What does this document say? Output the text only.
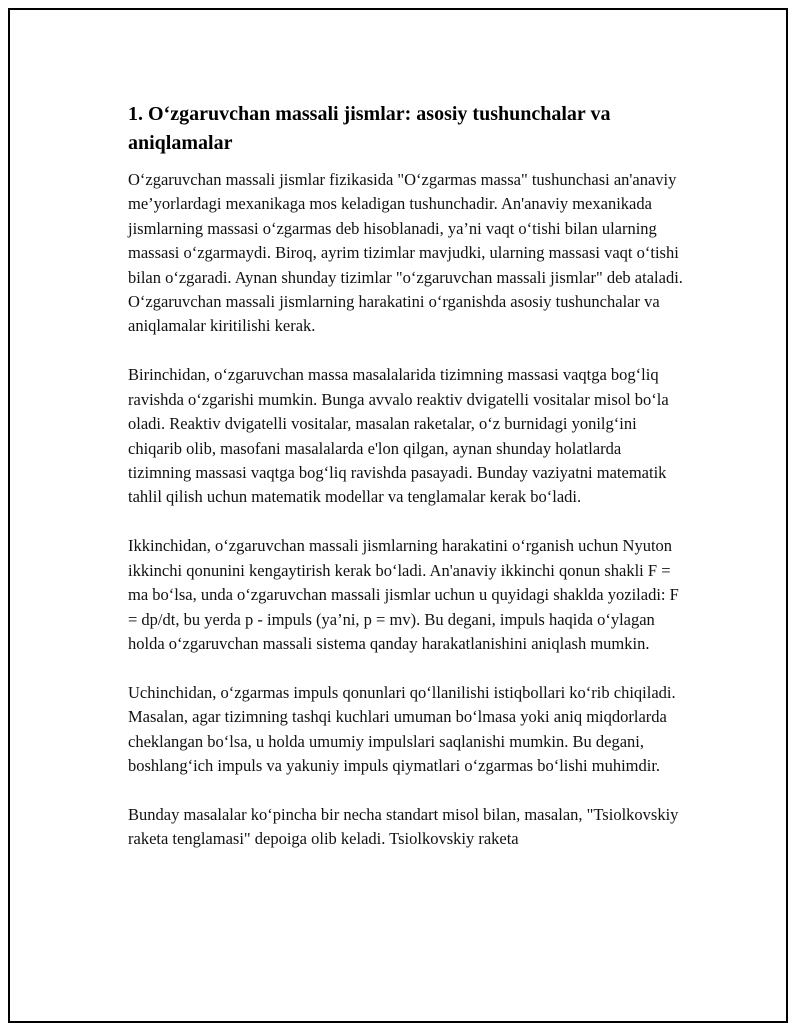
1. O‘zgaruvchan massali jismlar: asosiy tushunchalar va aniqlamalar

O‘zgaruvchan massali jismlar fizikasida "O‘zgarmas massa" tushunchasi an'anaviy me’yorlardagi mexanikaga mos keladigan tushunchadir. An'anaviy mexanikada jismlarning massasi o‘zgarmas deb hisoblanadi, ya’ni vaqt o‘tishi bilan ularning massasi o‘zgarmaydi. Biroq, ayrim tizimlar mavjudki, ularning massasi vaqt o‘tishi bilan o‘zgaradi. Aynan shunday tizimlar "o‘zgaruvchan massali jismlar" deb ataladi. O‘zgaruvchan massali jismlarning harakatini o‘rganishda asosiy tushunchalar va aniqlamalar kiritilishi kerak.

Birinchidan, o‘zgaruvchan massa masalalarida tizimning massasi vaqtga bog‘liq ravishda o‘zgarishi mumkin. Bunga avvalo reaktiv dvigatelli vositalar misol bo‘la oladi. Reaktiv dvigatelli vositalar, masalan raketalar, o‘z burnidagi yonilg‘ini chiqarib olib, masofani masalalarda e'lon qilgan, aynan shunday holatlarda tizimning massasi vaqtga bog‘liq ravishda pasayadi. Bunday vaziyatni matematik tahlil qilish uchun matematik modellar va tenglamalar kerak bo‘ladi.

Ikkinchidan, o‘zgaruvchan massali jismlarning harakatini o‘rganish uchun Nyuton ikkinchi qonunini kengaytirish kerak bo‘ladi. An'anaviy ikkinchi qonun shakli F = ma bo‘lsa, unda o‘zgaruvchan massali jismlar uchun u quyidagi shaklda yoziladi: F = dp/dt, bu yerda p - impuls (ya’ni, p = mv). Bu degani, impuls haqida o‘ylagan holda o‘zgaruvchan massali sistema qanday harakatlanishini aniqlash mumkin.

Uchinchidan, o‘zgarmas impuls qonunlari qo‘llanilishi istiqbollari ko‘rib chiqiladi. Masalan, agar tizimning tashqi kuchlari umuman bo‘lmasa yoki aniq miqdorlarda cheklangan bo‘lsa, u holda umumiy impulslari saqlanishi mumkin. Bu degani, boshlang‘ich impuls va yakuniy impuls qiymatlari o‘zgarmas bo‘lishi muhimdir.

Bunday masalalar ko‘pincha bir necha standart misol bilan, masalan, "Tsiolkovskiy raketa tenglamasi" depoiga olib keladi. Tsiolkovskiy raketa
